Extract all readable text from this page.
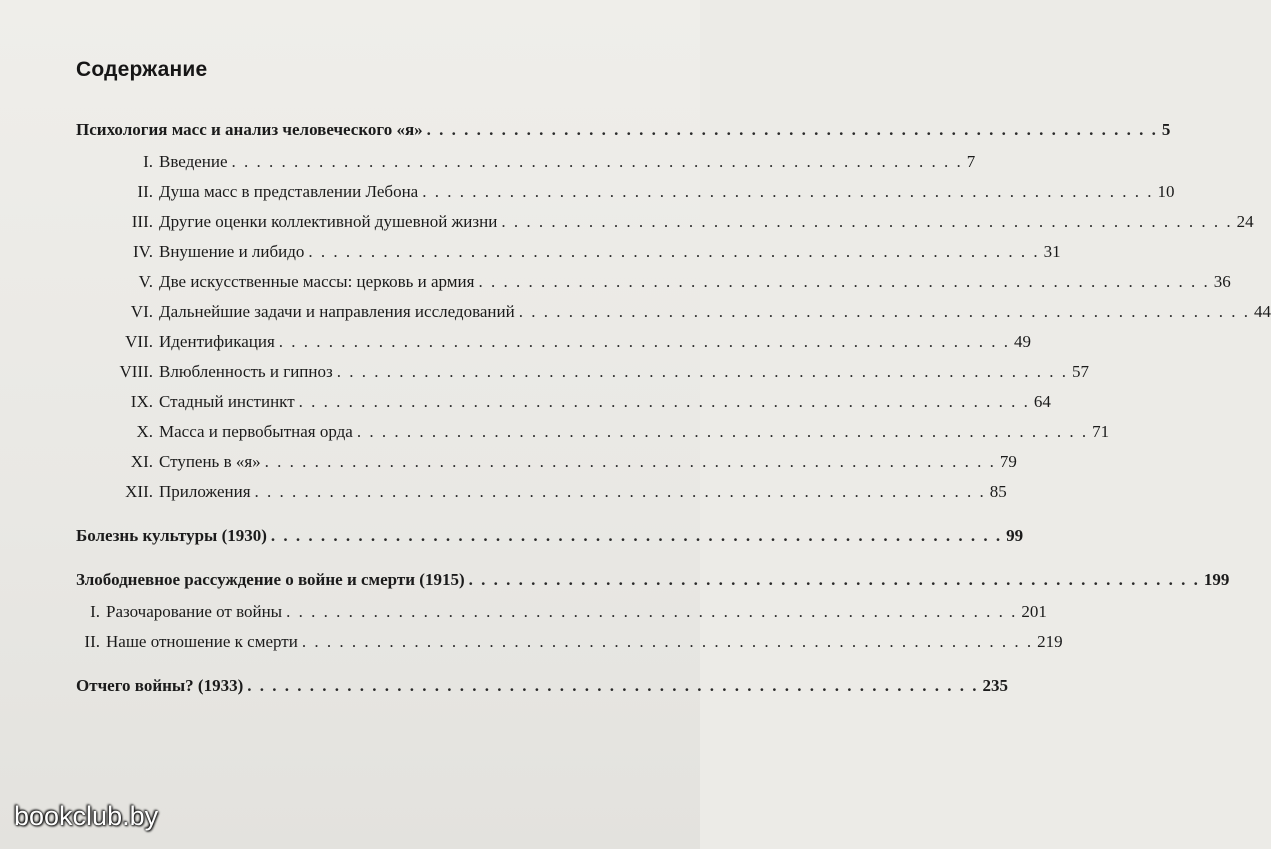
Содержание
Психология масс и анализ человеческого «я» . . . . . . . . . . . . . . . . . . . . . . . . . . . . . . . . . . . . . . . . . . . . . . . . . . . . . . . . . . . 5
I. Введение . . . . . . . . . . . . . . . . . . . . . . . . . . . . . . . . . . . . . . . . . . . . . . . . . . . . . . . . . . . 7
II. Душа масс в представлении Лебона . . . . . . . . . . . . . . . . . . . . . . . . . . . . . . . . . . . . . . . . . . . . . . . . . . . . . . . . . . . 10
III. Другие оценки коллективной душевной жизни . . . . . . . . . . . . . . . . . . . . . . . . . . . . . . . . . . . . . . . . . . . . . . . . . . . . . . . . . . . 24
IV. Внушение и либидо . . . . . . . . . . . . . . . . . . . . . . . . . . . . . . . . . . . . . . . . . . . . . . . . . . . . . . . . . . . 31
V. Две искусственные массы: церковь и армия . . . . . . . . . . . . . . . . . . . . . . . . . . . . . . . . . . . . . . . . . . . . . . . . . . . . . . . . . . . 36
VI. Дальнейшие задачи и направления исследований . . . . . . . . . . . . . . . . . . . . . . . . . . . . . . . . . . . . . . . . . . . . . . . . . . . . . . . . . . . 44
VII. Идентификация . . . . . . . . . . . . . . . . . . . . . . . . . . . . . . . . . . . . . . . . . . . . . . . . . . . . . . . . . . . 49
VIII. Влюбленность и гипноз . . . . . . . . . . . . . . . . . . . . . . . . . . . . . . . . . . . . . . . . . . . . . . . . . . . . . . . . . . . 57
IX. Стадный инстинкт . . . . . . . . . . . . . . . . . . . . . . . . . . . . . . . . . . . . . . . . . . . . . . . . . . . . . . . . . . . 64
X. Масса и первобытная орда . . . . . . . . . . . . . . . . . . . . . . . . . . . . . . . . . . . . . . . . . . . . . . . . . . . . . . . . . . . 71
XI. Ступень в «я» . . . . . . . . . . . . . . . . . . . . . . . . . . . . . . . . . . . . . . . . . . . . . . . . . . . . . . . . . . . 79
XII. Приложения . . . . . . . . . . . . . . . . . . . . . . . . . . . . . . . . . . . . . . . . . . . . . . . . . . . . . . . . . . . 85
Болезнь культуры (1930) . . . . . . . . . . . . . . . . . . . . . . . . . . . . . . . . . . . . . . . . . . . . . . . . . . . . . . . . . . . 99
Злободневное рассуждение о войне и смерти (1915) . . . . . . . . . . . . . . . . . . . . . . . . . . . . . . . . . . . . . . . . . . . . . . . . . . . . . . . . . . . 199
I. Разочарование от войны . . . . . . . . . . . . . . . . . . . . . . . . . . . . . . . . . . . . . . . . . . . . . . . . . . . . . . . . . . . 201
II. Наше отношение к смерти . . . . . . . . . . . . . . . . . . . . . . . . . . . . . . . . . . . . . . . . . . . . . . . . . . . . . . . . . . . 219
Отчего войны? (1933) . . . . . . . . . . . . . . . . . . . . . . . . . . . . . . . . . . . . . . . . . . . . . . . . . . . . . . . . . . . 235
bookclub.by
